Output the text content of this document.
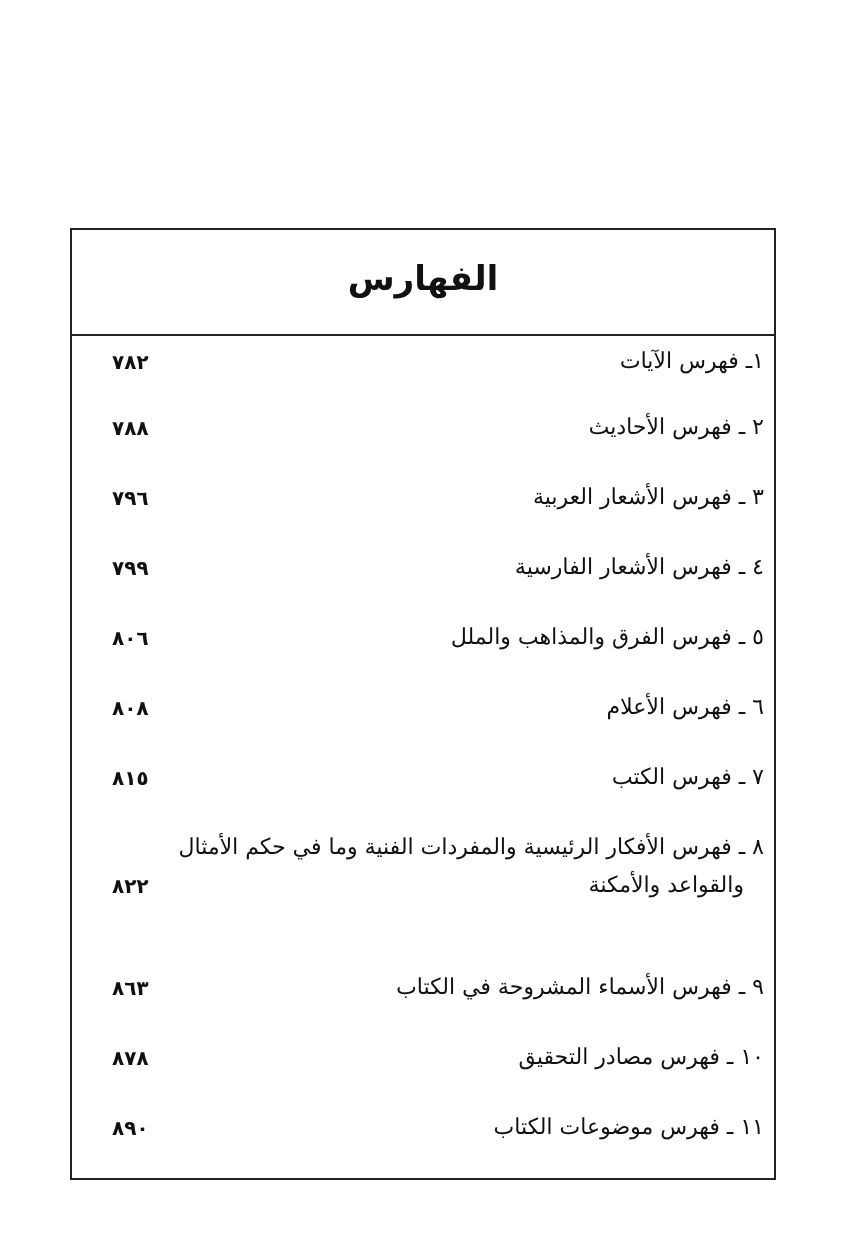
الفهارس
١ـ فهرس الآيات
٧٨٢
٢ ـ فهرس الأحاديث
٧٨٨
٣ ـ فهرس الأشعار العربية
٧٩٦
٤ ـ فهرس الأشعار الفارسية
٧٩٩
٥ ـ فهرس الفرق والمذاهب والملل
٨٠٦
٦ ـ فهرس الأعلام
٨٠٨
٧ ـ فهرس الكتب
٨١٥
٨ ـ فهرس الأفكار الرئيسية والمفردات الفنية وما في حكم الأمثال
والقواعد والأمكنة
٨٢٢
٩ ـ فهرس الأسماء المشروحة في الكتاب
٨٦٣
١٠ ـ فهرس مصادر التحقيق
٨٧٨
١١ ـ فهرس موضوعات الكتاب
٨٩٠
